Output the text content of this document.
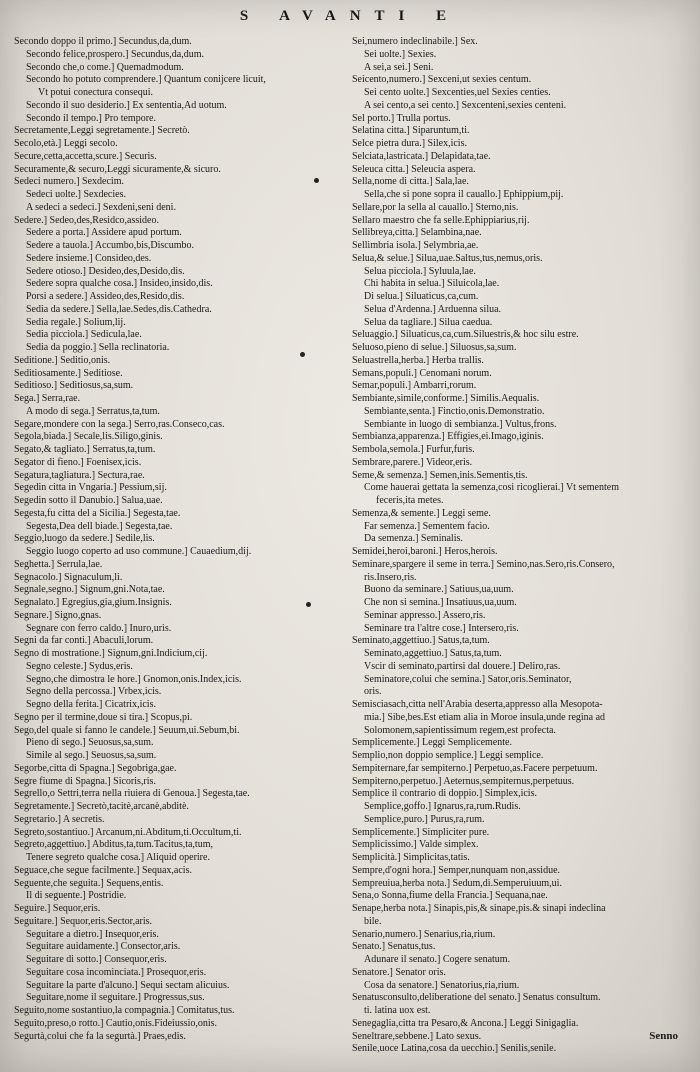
S AVANTI E
Secondo doppo il primo.] Secundus,da,dum.
Secondo felice,prospero.] Secundus,da,dum.
Secondo che,o come.] Quemadmodum.
Secondo ho potuto comprendere.] Quantum conijcere licuit,
Vt potui conectura consequi.
Secondo il suo desiderio.] Ex sententia,Ad uotum.
Secondo il tempo.] Pro tempore.
Secretamente,Leggi segretamente.] Secretò.
Secolo,età.] Leggi secolo.
Secure,cetta,accetta,scure.] Securis.
Securamente,& securo,Leggi sicuramente,& sicuro.
Sedeci numero.] Sexdecim.
Sedeci uolte.] Sexdecies.
A sedeci a sedeci.] Sexdeni,seni deni.
Sedere.] Sedeo,des,Residco,assideo.
Sedere a porta.] Assidere apud portum.
Sedere a tauola.] Accumbo,bis,Discumbo.
Sedere insieme.] Consideo,des.
Sedere otioso.] Desideo,des,Desido,dis.
Sedere sopra qualche cosa.] Insideo,insido,dis.
Porsi a sedere.] Assideo,des,Resido,dis.
Sedia da sedere.] Sella,lae.Sedes,dis.Cathedra.
Sedia regale.] Solium,lij.
Sedia picciola.] Sedicula,lae.
Sedia da poggio.] Sella reclinatoria.
Seditione.] Seditio,onis.
Seditiosamente.] Seditiose.
Seditioso.] Seditiosus,sa,sum.
Sega.] Serra,rae.
A modo di sega.] Serratus,ta,tum.
Segare,mondere con la sega.] Serro,ras.Conseco,cas.
Segola,biada.] Secale,lis.Siligo,ginis.
Segato,& tagliato.] Serratus,ta,tum.
Segator di fieno.] Foenisex,icis.
Segatura,tagliatura.] Sectura,rae.
Segedin citta in Vngaria.] Pessium,sij.
Segedin sotto il Danubio.] Salua,uae.
Segesta,fu citta del a Sicilia.] Segesta,tae.
Segesta,Dea dell biade.] Segesta,tae.
Seggio,luogo da sedere.] Sedile,lis.
Seggio luogo coperto ad uso commune.] Cauaedium,dij.
Seghetta.] Serrula,lae.
Segnacolo.] Signaculum,li.
Segnale,segno.] Signum,gni.Nota,tae.
Segnalato.] Egregius,gia,gium.Insignis.
Segnare.] Signo,gnas.
Segnare con ferro caldo.] Inuro,uris.
Segni da far conti.] Abaculi,lorum.
Segno di mostratione.] Signum,gni.Indicium,cij.
Segno celeste.] Sydus,eris.
Segno,che dimostra le hore.] Gnomon,onis.Index,icis.
Segno della percossa.] Vrbex,icis.
Segno della ferita.] Cicatrix,icis.
Segno per il termine,doue si tira.] Scopus,pi.
Sego,del quale si fanno le candele.] Seuum,ui.Sebum,bi.
Pieno di sego.] Seuosus,sa,sum.
Simile al sego.] Seuosus,sa,sum.
Segorbe,citta di Spagna.] Segobriga,gae.
Segre fiume di Spagna.] Sicoris,ris.
Segrello,o Settri,terra nella riuiera di Genoua.] Segesta,tae.
Segretamente.] Secretò,tacitè,arcanè,abditè.
Segretario.] A secretis.
Segreto,sostantiuo.] Arcanum,ni.Abditum,ti.Occultum,ti.
Segreto,aggettiuo.] Abditus,ta,tum.Tacitus,ta,tum,
Tenere segreto qualche cosa.] Aliquid operire.
Seguace,che segue facilmente.] Sequax,acis.
Seguente,che seguita.] Sequens,entis.
Il di seguente.] Postridie.
Seguire.] Sequor,eris.
Seguitare.] Sequor,eris.Sector,aris.
Seguitare a dietro.] Insequor,eris.
Seguitare auidamente.] Consector,aris.
Seguitare di sotto.] Consequor,eris.
Seguitare cosa incominciata.] Prosequor,eris.
Seguitare la parte d'alcuno.] Sequi sectam alicuius.
Seguitare,nome il seguitare.] Progressus,sus.
Seguito,nome sostantiuo,la compagnia.] Comitatus,tus.
Seguito,preso,o rotto.] Cautio,onis.Fideiussio,onis.
Segurtà,colui che fa la segurtà.] Praes,edis.
Sei,numero indeclinabile.] Sex.
Sei uolte.] Sexies.
A sei,a sei.] Seni.
Seicento,numero.] Sexceni,ut sexies centum.
Sei cento uolte.] Sexcenties,uel Sexies centies.
A sei cento,a sei cento.] Sexcenteni,sexies centeni.
Sel porto.] Trulla portus.
Selatina citta.] Siparuntum,ti.
Selce pietra dura.] Silex,icis.
Selciata,lastricata.] Delapidata,tae.
Seleuca citta.] Seleucia aspera.
Sella,nome di citta.] Sala,lae.
Sella,che si pone sopra il cauallo.] Ephippium,pij.
Sellare,por la sella al cauallo.] Sterno,nis.
Sellaro maestro che fa selle.Ephippiarius,rij.
Sellibreya,citta.] Selambina,nae.
Sellimbria isola.] Selymbria,ae.
Selua,& selue.] Silua,uae.Saltus,tus,nemus,oris.
Selua picciola.] Syluula,lae.
Chi habita in selua.] Siluicola,lae.
Di selua.] Siluaticus,ca,cum.
Selua d'Ardenna.] Arduenna silua.
Selua da tagliare.] Silua caedua.
Seluaggio.] Siluaticus,ca,cum.Siluestris,& hoc silu estre.
Seluoso,pieno di selue.] Siluosus,sa,sum.
Seluastrella,herba.] Herba trallis.
Semans,populi.] Cenomani norum.
Semar,populi.] Ambarri,rorum.
Sembiante,simile,conforme.] Similis.Aequalis.
Sembiante,senta.] Finctio,onis.Demonstratio.
Sembiante in luogo di sembianza.] Vultus,frons.
Sembianza,apparenza.] Effigies,ei.Imago,iginis.
Sembola,semola.] Furfur,furis.
Sembrare,parere.] Videor,eris.
Seme,& semenza.] Semen,inis.Sementis,tis.
Come hauerai gettata la semenza,cosi ricoglierai.] Vt sementem
feceris,ita metes.
Semenza,& semente.] Leggi seme.
Far semenza.] Sementem facio.
Da semenza.] Seminalis.
Semidei,heroi,baroni.] Heros,herois.
Seminare,spargere il seme in terra.] Semino,nas.Sero,ris.Consero,
ris.Insero,ris.
Buono da seminare.] Satiuus,ua,uum.
Che non si semina.] Insatiuus,ua,uum.
Seminar appresso.] Assero,ris.
Seminare tra l'altre cose.] Intersero,ris.
Seminato,aggettiuo.] Satus,ta,tum.
Seminato,aggettiuo.] Satus,ta,tum.
Vscir di seminato,partirsi dal douere.] Deliro,ras.
Seminatore,colui che semina.] Sator,oris.Seminator,
oris.
Semisciasach,citta nell'Arabia deserta,appresso alla Mesopota-
mia.] Sibe,bes.Est etiam alia in Moroe insula,unde regina ad
Solomonem,sapientissimum regem,est profecta.
Semplicemente.] Leggi Semplicemente.
Semplio,non doppio semplice.] Leggi semplice.
Sempiternare,far sempiterno.] Perpetuo,as.Facere perpetuum.
Sempiterno,perpetuo.] Aeternus,sempiternus,perpetuus.
Semplice il contrario di doppio.] Simplex,icis.
Semplice,goffo.] Ignarus,ra,rum.Rudis.
Semplice,puro.] Purus,ra,rum.
Semplicemente.] Simpliciter pure.
Semplicissimo.] Valde simplex.
Semplicità.] Simplicitas,tatis.
Sempre,d'ogni hora.] Semper,nunquam non,assidue.
Sempreuiua,herba nota.] Sedum,di.Semperuiuum,ui.
Sena,o Sonna,fiume della Francia.] Sequana,nae.
Senape,herba nota.] Sinapis,pis,& sinape,pis.& sinapi indeclina
bile.
Senario,numero.] Senarius,ria,rium.
Senato.] Senatus,tus.
Adunare il senato.] Cogere senatum.
Senatore.] Senator oris.
Cosa da senatore.] Senatorius,ria,rium.
Senatusconsulto,deliberatione del senato.] Senatus consultum.
ti. latina uox est.
Senegaglia,citta tra Pesaro,& Ancona.] Leggi Sinigaglia.
Seneltrare,sebbene.] Lato sexus.
Senile,uoce Latina,cosa da uecchio.] Senilis,senile.
Senno
